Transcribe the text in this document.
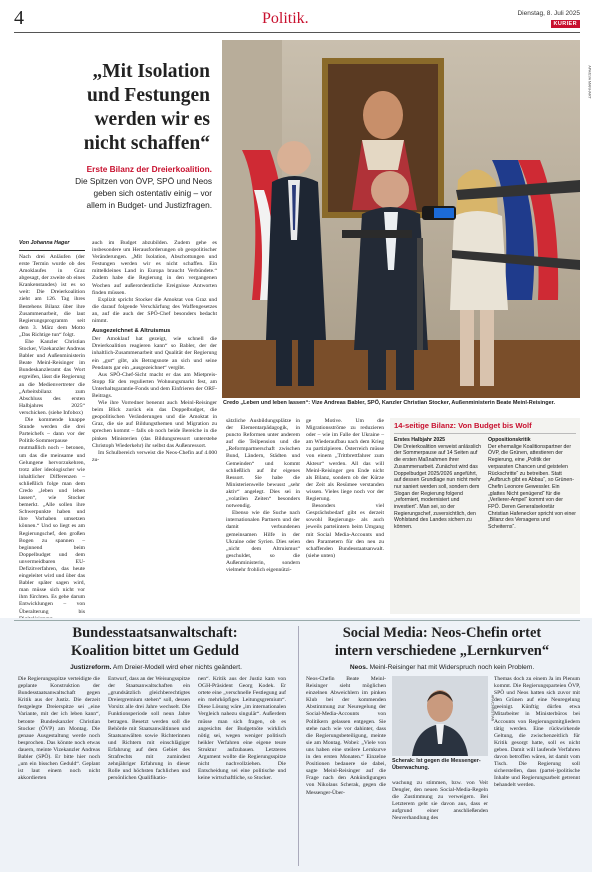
4	Politik.	Dienstag, 8. Juli 2025
KURIER
„Mit Isolation
und Festungen
werden wir es
nicht schaffen“
Erste Bilanz der Dreierkoalition.
Die Spitzen von ÖVP, SPÖ und Neos
geben sich ostentativ einig – vor
allem in Budget- und Justizfragen.
APA/EVA MANHART
Credo „Leben und leben lassen“: Vize Andreas Babler, SPÖ, Kanzler Christian Stocker, Außenministerin Beate Meinl-Reisinger.
Von Johanna Hager

Nach drei Anläufen (der erste Termin wurde ob des Amoklaufes in Graz abgesagt, der zweite ob eines Krankenstandes) ist es so weit: Die Dreierkoalition zieht am 126. Tag ihres Bestehens Bilanz über ihre Zusammenarbeit, die laut Regierungsprogramm seit dem 3. März dem Motto „Das Richtige tun“ folgt.

Ehe Kanzler Christian Stocker, Vizekanzler Andreas Babler und Außenministerin Beate Meinl-Reisinger im Bundeskanzleramt das Wort ergreifen, lässt die Regierung an die Medienvertreter die „Arbeitsbilanz zum Abschluss des ersten Halbjahres 2025“ verschicken. (siehe Infobox)

Die kommende knappe Stunde werden die drei Parteichefs – dann vor der Politik-Sommerpause mutmaßlich noch – betonen, um das die meinsame und Gelungene hervorzukehren, trotz aller ideologischer wie inhaltlicher Differenzen – schließlich folge man dem Credo „leben und leben lassen“, wie Stocker bemerkt. „Alle sollen ihre Schwerpunkte haben und ihre Vorhaben umsetzen können.“ Und so liegt es am Regierungschef, den großen Bogen zu spannen – beginnend beim Doppelbudget und dem unvermeidbaren EU-Defizitverfahren, das heute eingeleitet wird und über das Babler später sagen wird, man müsse sich nicht vor ihm fürchten. Es gehe darum Entwicklungen – von Überalterung bis

auch im Budget abzubilden. Zudem gehe es insbesondere um Herausforderungen ob geopolitischer Veränderungen. „Mit Isolation, Abschottungen und Festungen werden wir es nicht schaffen. Ein mittelkleines Land in Europa braucht Verbündete.“ Zudem habe die Regierung in den vergangenen Wochen auf außerordentliche Ereignisse Antworten finden müssen.

Explizit spricht Stocker die Amoktat von Graz und die darauf folgende Verschärfung des Waffengesetzes an, auf die auch der SPÖ-Chef besonders bedacht nimmt.

Ausgezeichnet & Altruismus

Der Amoklauf hat gezeigt, wie schnell die Dreierkoalition reagieren kann“ so Babler, der der inhaltlich-Zusammenarbeit und Qualität der Regierung ein „gut“ gibt, als Betragsnote an sich und seine Pendants gar ein „ausgezeichnet“ vergibt.

Aus SPÖ-Chef-Sicht macht er das am Mietpreis-Stopp für den regulierten Wohnungsmarkt fest, am Unterhaltsgarantie-Fonds und dem Einfrieren der ORF-Beitrags.

Wie ihre Vorredner benennt auch Meinl-Reisinger beim Blick zurück ein das Doppelbudget, die geopolitischen Veränderungen und die Amoktat in Graz, die sie auf Bildungsthemen und Migration zu sprechen kommt – falls ob noch beide Bereiche in die pinken Ministerien (das Bildungsressort unterstehe Christoph Wiederkehr) ihr selbst das Außenressort.

Im Schulbereich verweist die Neos-Chefin auf 4.000 zu-

sätzliche Ausbildungsplätze in der Elementarpädagogik, in puncto Reformen unter anderem auf die Teilpension und die „Reformpartnerschaft zwischen Bund, Ländern, Städten und Gemeinden“ und kommt schließlich auf ihr eigenes Ressort. Sie habe die Ministerienwelle bewusst „sehr aktiv“ angelegt. Dies sei in „volatilen Zeiten“ besonders notwendig.

Ebenso wie die Suche nach internationalen Partnern und der damit verbundenen gemeinsamen Hilfe in der Ukraine oder Syrien. Dies seien „nicht dem Altruismus“ geschuldet, so die Außenministerin, sondern vielmehr frohlich eigennützi-

ge Motive. Um die Migrationsströme zu reduzieren oder – wie im Falle der Ukraine – am Wiederaufbau nach dem Krieg zu partizipieren. Österreich müsse von einem „Trittbrettfahrer zum Akteur“ werden. All das will Meinl-Reisinger gen Ende nicht als Bilanz, sondern ob der Kürze der Zeit als Resümee verstanden wissen. Vieles liege noch vor der Regierung.

Besonders viel Gesprächsbedarf gibt es derzeit sowohl Regierungs- als auch jeweils parteiintern beim Umgang mit Social Media-Accounts und den Parametern für den neu zu schaffenden Bundesstaatsanwalt. (siehe unten)

14-seitige Bilanz: Von Budget bis Wolf
Erstes Halbjahr 2025
Die Dreierkoalition verweist anlässlich der Sommerpause auf 14 Seiten auf die ersten Maßnahmen ihrer Zusammenarbeit. Zunächst wird das Doppelbudget 2025/2026 angeführt, auf dessen Grundlage nun nicht mehr nur saniert werden soll, sondern dem Slogan der Regierung folgend „reformiert, modernisiert und investiert“. Man sei, so der Regierungschef, zuversichtlich, den Wohlstand des Landes sichern zu können.
Oppositionskritik
Der ehemalige Koalitionspartner der ÖVP, die Grünen, attestieren der Regierung, eine „Politik der verpassten Chancen und geistelen Rückschritte“ zu betreiben. Statt „Aufbruch gibt es Abbau“, so Grünen-Chefin Leonore Gewessler. Ein „glattes Nicht genügend“ für die „Verlierer-Ampel“ kommt von der FPÖ. Deren Generalsekretär Christian Hafenecker spricht von einer „Bilanz des Versagens und Scheiterns“.
Bundesstaatsanwaltschaft:
Koalition bittet um Geduld
Justizreform. Am Dreier-Modell wird eher nichts geändert.

Die Regierungsspitze verteidigte die geplante Konstruktion der Bundesstaatsanwaltschaft gegen Kritik aus der Justiz. Die derzeit festgelegte Dreierspitze sei „eine Variante, mit der ich leben kann“, betonte Bundeskanzler Christian Stocker (ÖVP) am Montag. Die genaue Ausgestaltung werde noch besprochen. Das könnte noch etwas dauern, meinte Vizekanzler Andreas Babler (SPÖ). Er bitte hier noch „um ein bisschen Geduld“. Geplant ist laut einem noch nicht akkordierten

Entwurf, dass an der Weisungsspitze der Staatsanwaltschaften ein „grundsätzlich gleichberechtigtes Dreiergremium stehen“ soll, dessen Vorsitz alle drei Jahre wechselt. Die Funktionsperiode soll neun Jahre betragen. Besetzt werden soll die Behörde mit Staatsanwältinnen und Staatsanwälten sowie Richterinnen und Richtern mit einschlägiger Erfahrung auf dem Gebiet des Strafrechts mit zumindest zehnjähriger Erfahrung in dieser Rolle und höchsten fachlichen und persönlichen Qualifikatio-

nen“. Kritik aus der Justiz kam von OGH-Präsident Georg Kodek. Er ortete eine „verschnelle Festlegung auf ein mehrköpfiges Leitungsgremium“. Diese Lösung wäre „im internationalen Vergleich nahezu singulär“. Außerdem müsse man sich fragen, ob es angesichts der Budgetnöte wirklich nötig sei, wegen weniger politisch heikler Verfahren eine eigene teure Struktur aufzubauen. Letzteres Argument wollte die Regierungsspitze nicht nachvollziehen. Die Entscheidung sei eine politische und keine wirtschaftliche, so Stocker.

Social Media: Neos-Chefin ortet
intern verschiedene „Lernkurven“
Neos. Meinl-Reisinger hat mit Widerspruch noch kein Problem.

Neos-Chefin Beate Meinl-Reisinger sieht möglichen einzelnen Abweichlern im pinken Klub bei der kommenden Abstimmung zur Neuregelung der Social-Media-Accounts von Politikern gelassen entgegen. Sie stehe nach wie vor dahinter, dass die Regierungsbeteiligung, meinte sie am Montag. Wobei: „Viele von uns haben eine steilere Lernkurve in den ersten Monaten.“ Einzelne Positionen bedauere sie dabei, sagte Meinl-Reisinger auf die Frage nach den Ankündigungen von Nikolaus Scherak, gegen die Messenger-Über-

APA/CHRISTIAN
Scherak: Ist gegen die Messenger-Überwachung.

wachung zu stimmen, bzw. von Veit Dengler, den neuen Social-Media-Regeln die Zustimmung zu verweigern. Bei Letzterem geht sie davon aus, dass er aufgrund einer anschließenden Neuverhandlung des

Themas doch zu einem Ja im Plenum kommt. Die Regierungsparteien ÖVP, SPÖ und Neos hatten sich zuvor mit den Grünen auf eine Neuregelung geeinigt. Künftig dürfen etwa Mitarbeiter in Ministerbüros bei Accounts von Regierungsmitgliedern tätig werden. Eine rückwirkende Geltung, die zwischenzeitlich für Kritik gesorgt hatte, soll es nicht geben. Damit will laufende Verfahren davon betroffen wären, ist damit vom Tisch. Die Regierung soll sicherstellen, dass (partei-)politische Inhalte und Regierungsarbeit getrennt behandelt werden.
